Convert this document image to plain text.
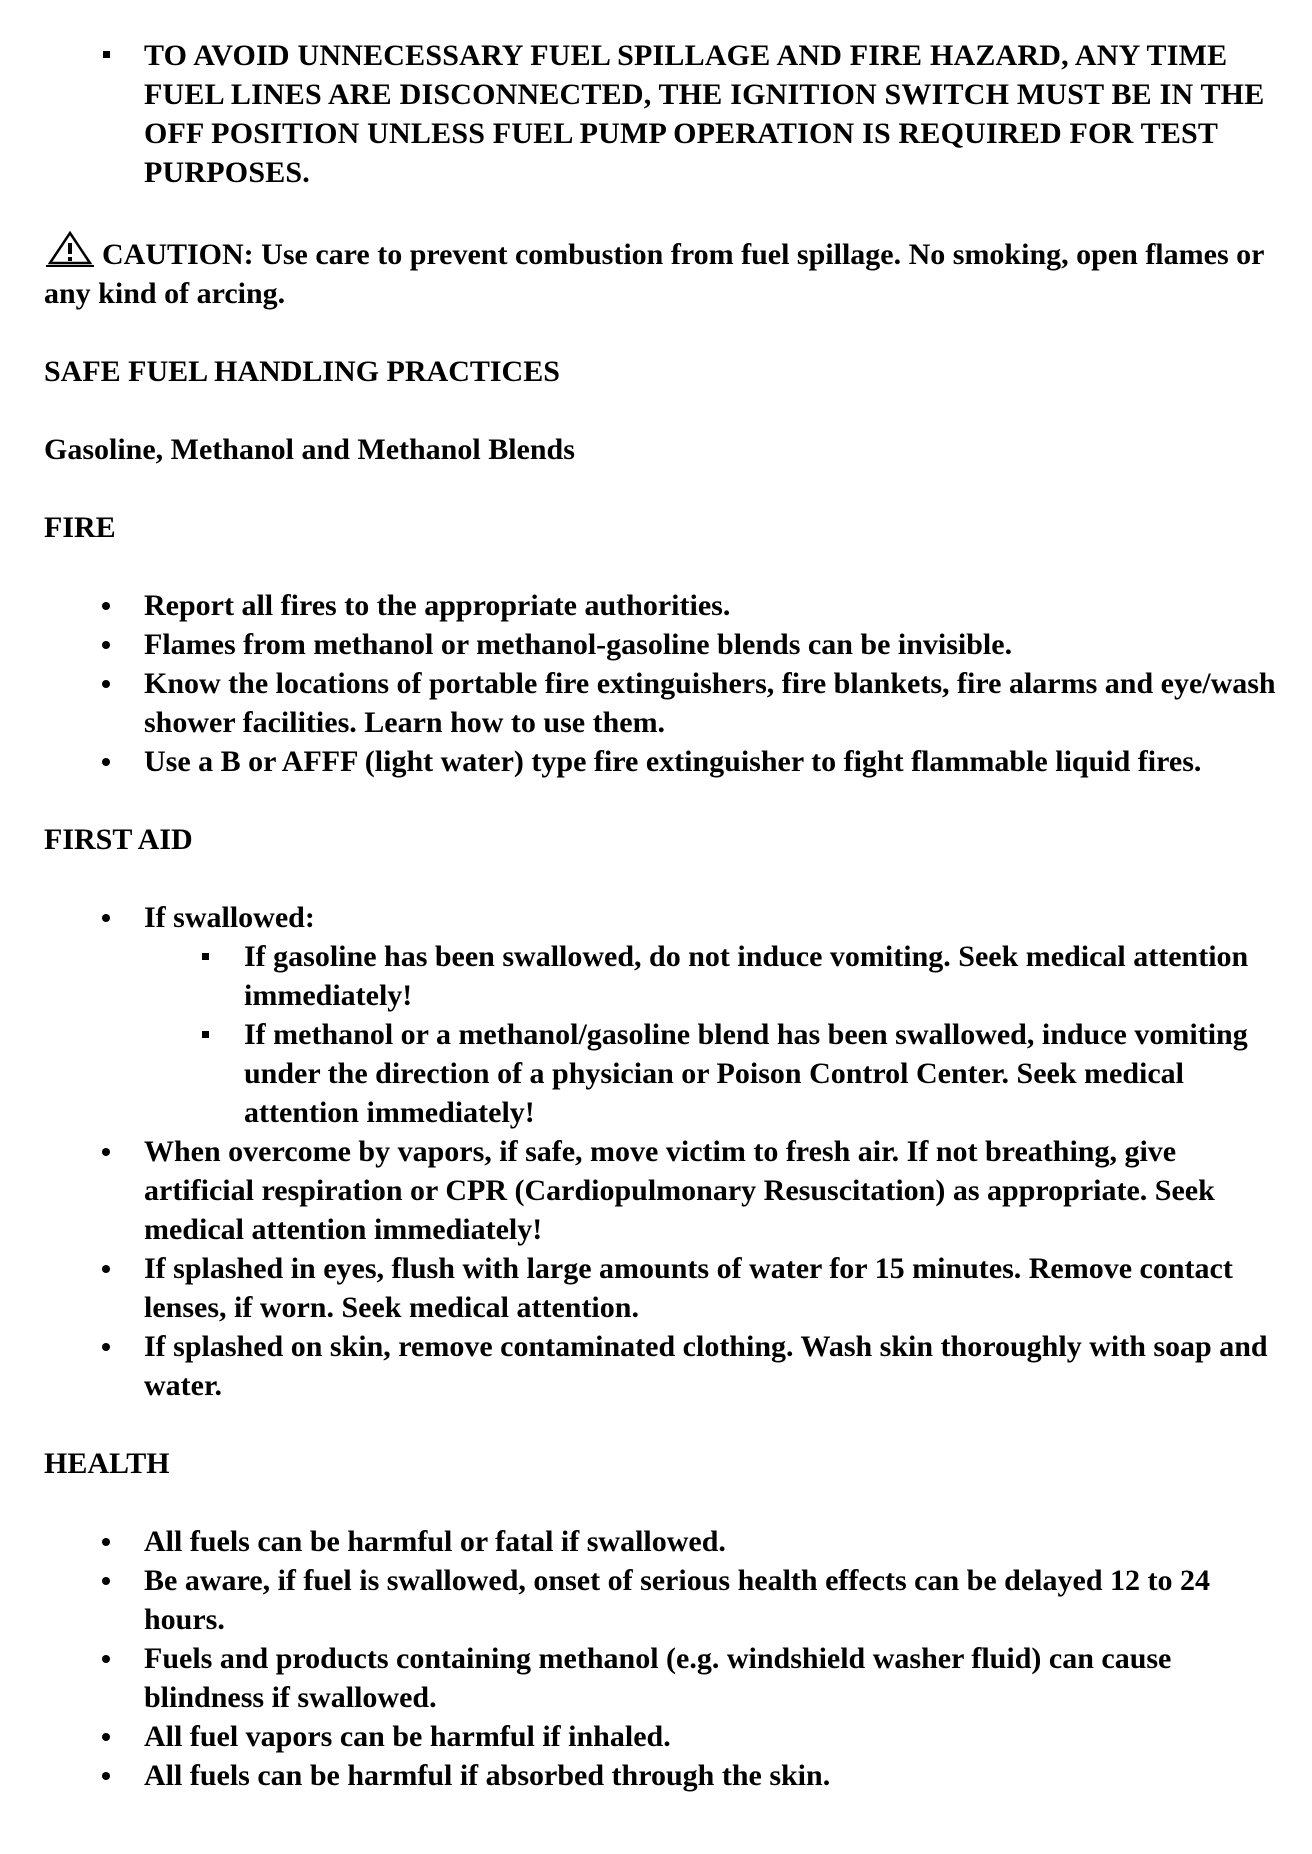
TO AVOID UNNECESSARY FUEL SPILLAGE AND FIRE HAZARD, ANY TIME FUEL LINES ARE DISCONNECTED, THE IGNITION SWITCH MUST BE IN THE OFF POSITION UNLESS FUEL PUMP OPERATION IS REQUIRED FOR TEST PURPOSES.

CAUTION: Use care to prevent combustion from fuel spillage. No smoking, open flames or any kind of arcing.

SAFE FUEL HANDLING PRACTICES

Gasoline, Methanol and Methanol Blends

FIRE

Report all fires to the appropriate authorities.
Flames from methanol or methanol-gasoline blends can be invisible.
Know the locations of portable fire extinguishers, fire blankets, fire alarms and eye/wash shower facilities. Learn how to use them.
Use a B or AFFF (light water) type fire extinguisher to fight flammable liquid fires.

FIRST AID

If swallowed:
If gasoline has been swallowed, do not induce vomiting. Seek medical attention immediately!
If methanol or a methanol/gasoline blend has been swallowed, induce vomiting under the direction of a physician or Poison Control Center. Seek medical attention immediately!
When overcome by vapors, if safe, move victim to fresh air. If not breathing, give artificial respiration or CPR (Cardiopulmonary Resuscitation) as appropriate. Seek medical attention immediately!
If splashed in eyes, flush with large amounts of water for 15 minutes. Remove contact lenses, if worn. Seek medical attention.
If splashed on skin, remove contaminated clothing. Wash skin thoroughly with soap and water.

HEALTH

All fuels can be harmful or fatal if swallowed.
Be aware, if fuel is swallowed, onset of serious health effects can be delayed 12 to 24 hours.
Fuels and products containing methanol (e.g. windshield washer fluid) can cause blindness if swallowed.
All fuel vapors can be harmful if inhaled.
All fuels can be harmful if absorbed through the skin.
